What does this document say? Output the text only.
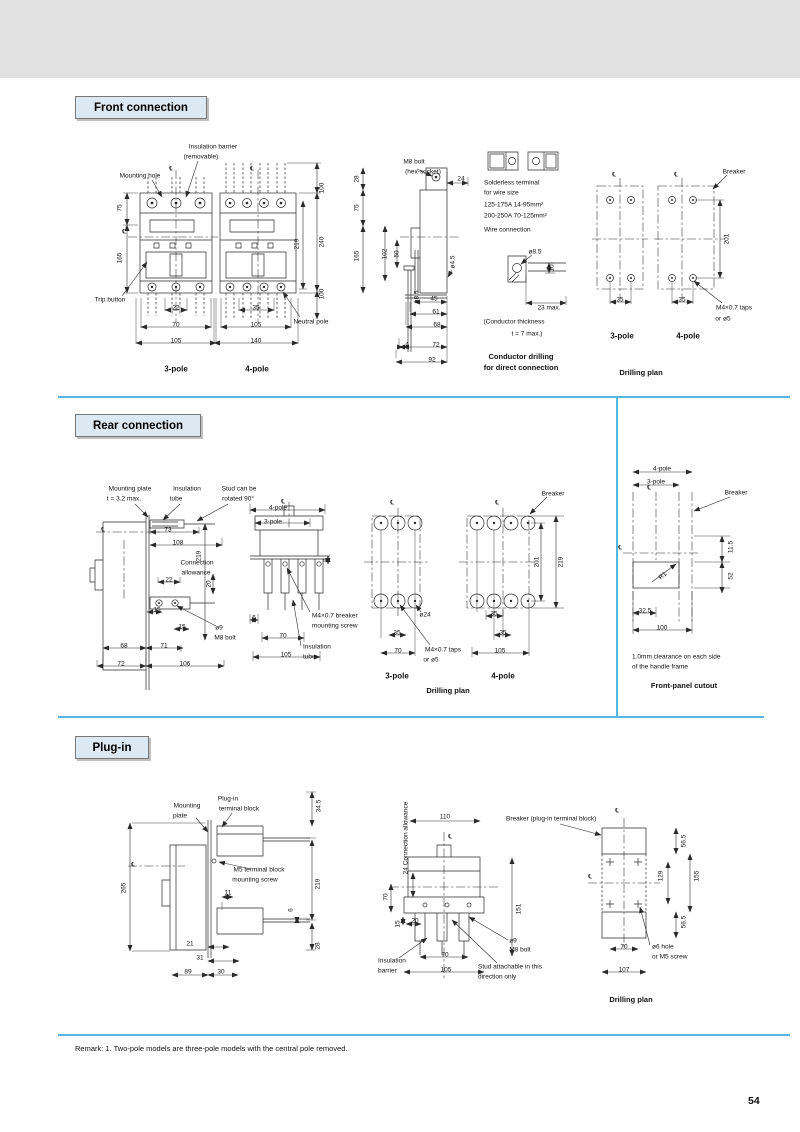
Front connection
Rear connection
Plug-in
Insulation barrier
(removable)
Mounting hole
Trip button
Neutral pole
3-pole	4-pole
75
165
22
70
105
35
105
140
100
219	240
100
M8 bolt
(hex-socket)
24
28
75
165	102 50
ø4.5
ø8.5 45
61
68
4	72
92
Solderless terminal
for wire size
125-175A 14-95mm²
200-250A 70-125mm²
Wire connection
ø8.5
10
23 max.
(Conductor thickness
t = 7 max.)
Conductor drilling
for direct connection
Breaker
201
35	35
M4×0.7 taps
or ø5
3-pole	4-pole
Drilling plan
℄	℄
℄
℄	℄
Mounting plate
t = 3.2 max.
Insulation
tube
Stud can be
rotated 90°
4-pole
3-pole
73
108
219
Connection
allowance
22
20
15
15	ø9
M8 bolt
68	71
72	106
8
6
70
105
M4×0.7 breaker
mounting screw
Insulation
tube
Breaker
ø24
35
70	M4×0.7 taps
or ø5
201	219
35
35
105
3-pole	4-pole
Drilling plan
4-pole
3-pole
Breaker
11.5
52
R1
32.5
100
1.0mm clearance on each side
of the handle frame
Front-panel cutout
℄
℄	℄	℄
℄
℄
Mounting
plate
Plug-in
terminal block
M5 terminal block
mounting screw
34.5
219
265	11
6
28
21
31
89	30
24 Connection allowance	110	Breaker (plug-in terminal block)
70
15 20
151
70
105
ø9
M8 bolt
Insulation
barrier
Stud attachable in this
direction only
56.5
129	155
56.5
70
107
ø6 hole
or M5 screw
Drilling plan
℄
℄
℄
℄
Remark: 1. Two-pole models are three-pole models with the central pole removed.
54
